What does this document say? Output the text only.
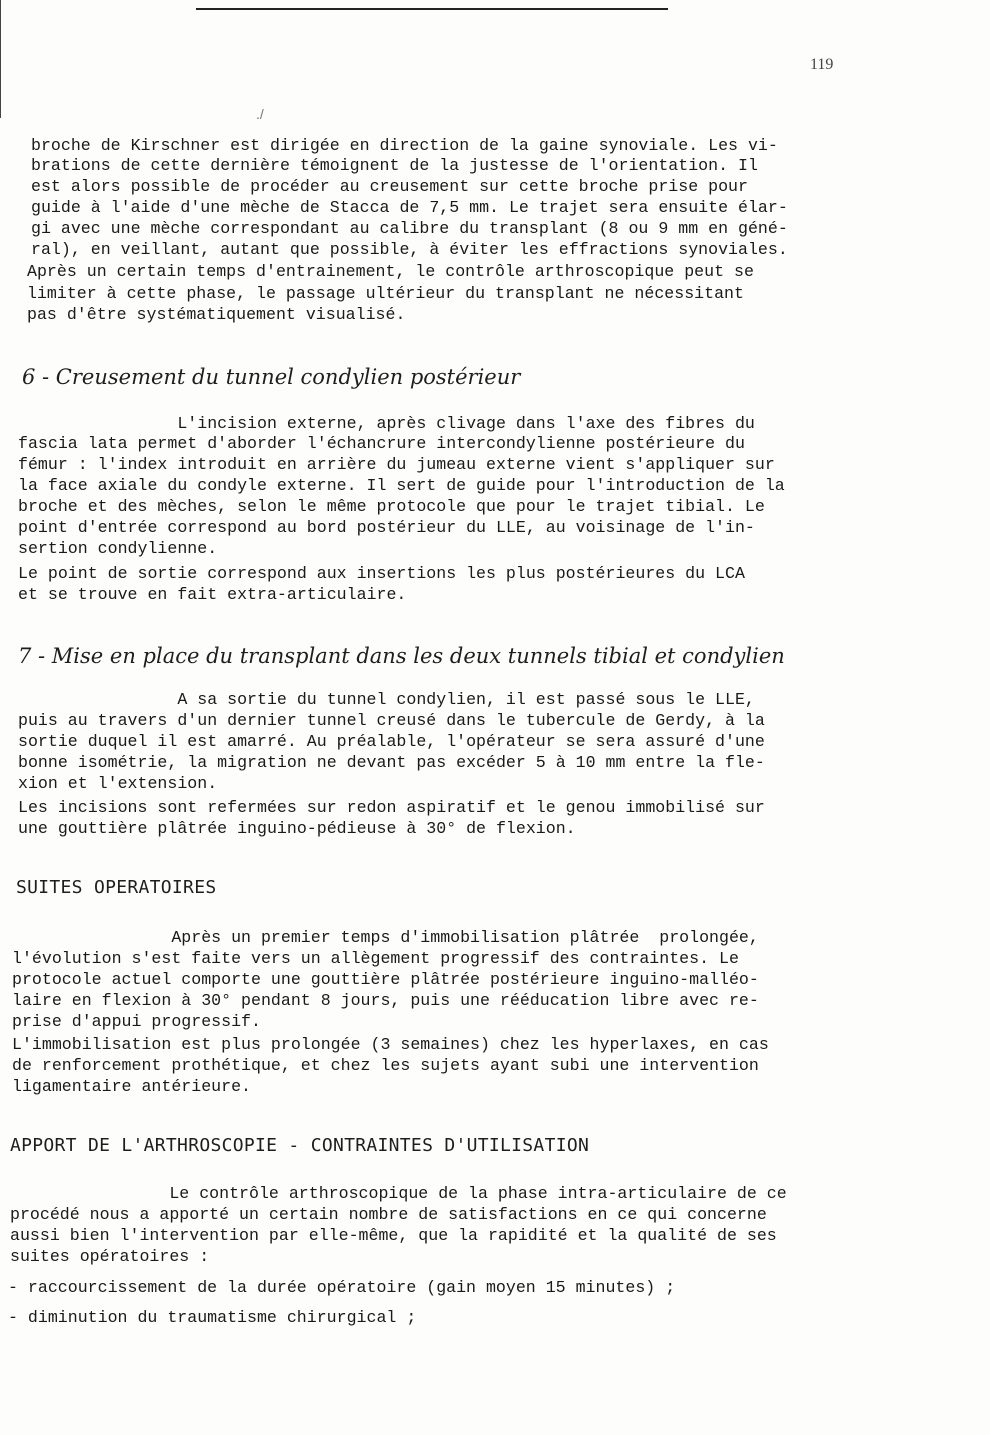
119
./
broche de Kirschner est dirigée en direction de la gaine synoviale. Les vi-
brations de cette dernière témoignent de la justesse de l'orientation. Il
est alors possible de procéder au creusement sur cette broche prise pour
guide à l'aide d'une mèche de Stacca de 7,5 mm. Le trajet sera ensuite élar-
gi avec une mèche correspondant au calibre du transplant (8 ou 9 mm en géné-
ral), en veillant, autant que possible, à éviter les effractions synoviales.
Après un certain temps d'entrainement, le contrôle arthroscopique peut se
limiter à cette phase, le passage ultérieur du transplant ne nécessitant
pas d'être systématiquement visualisé.
6 - Creusement du tunnel condylien postérieur
L'incision externe, après clivage dans l'axe des fibres du
fascia lata permet d'aborder l'échancrure intercondylienne postérieure du
fémur : l'index introduit en arrière du jumeau externe vient s'appliquer sur
la face axiale du condyle externe. Il sert de guide pour l'introduction de la
broche et des mèches, selon le même protocole que pour le trajet tibial. Le
point d'entrée correspond au bord postérieur du LLE, au voisinage de l'in-
sertion condylienne.
Le point de sortie correspond aux insertions les plus postérieures du LCA
et se trouve en fait extra-articulaire.
7 - Mise en place du transplant dans les deux tunnels tibial et condylien
A sa sortie du tunnel condylien, il est passé sous le LLE,
puis au travers d'un dernier tunnel creusé dans le tubercule de Gerdy, à la
sortie duquel il est amarré. Au préalable, l'opérateur se sera assuré d'une
bonne isométrie, la migration ne devant pas excéder 5 à 10 mm entre la fle-
xion et l'extension.
Les incisions sont refermées sur redon aspiratif et le genou immobilisé sur
une gouttière plâtrée inguino-pédieuse à 30° de flexion.
SUITES OPERATOIRES
Après un premier temps d'immobilisation plâtrée  prolongée,
l'évolution s'est faite vers un allègement progressif des contraintes. Le
protocole actuel comporte une gouttière plâtrée postérieure inguino-malléo-
laire en flexion à 30° pendant 8 jours, puis une rééducation libre avec re-
prise d'appui progressif.
L'immobilisation est plus prolongée (3 semaines) chez les hyperlaxes, en cas
de renforcement prothétique, et chez les sujets ayant subi une intervention
ligamentaire antérieure.
APPORT DE L'ARTHROSCOPIE - CONTRAINTES D'UTILISATION
Le contrôle arthroscopique de la phase intra-articulaire de ce
procédé nous a apporté un certain nombre de satisfactions en ce qui concerne
aussi bien l'intervention par elle-même, que la rapidité et la qualité de ses
suites opératoires :
- raccourcissement de la durée opératoire (gain moyen 15 minutes) ;
- diminution du traumatisme chirurgical ;
